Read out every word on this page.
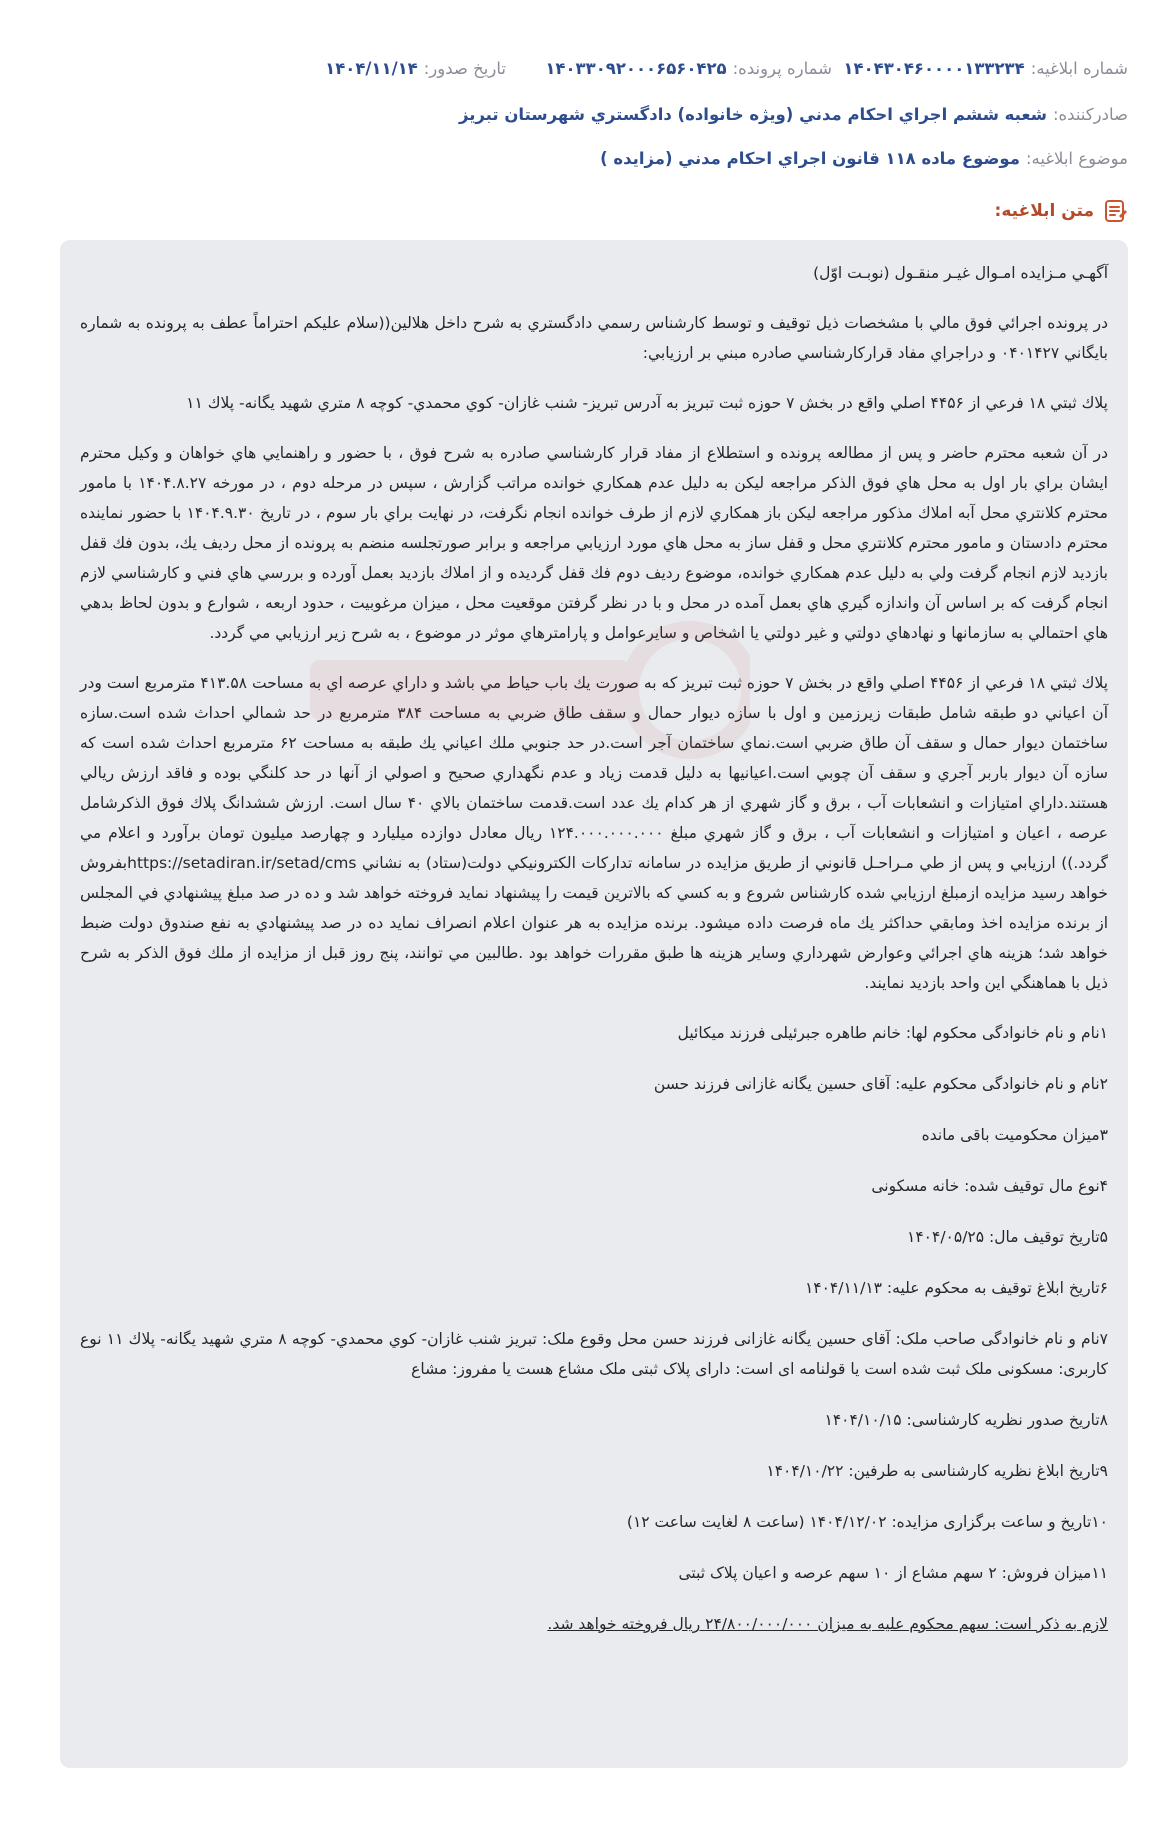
شماره ابلاغیه:
۱۴۰۴۳۰۴۶۰۰۰۰۱۳۳۲۳۴
شماره پرونده:
۱۴۰۳۳۰۹۲۰۰۰۶۵۶۰۴۲۵
تاریخ صدور:
۱۴۰۴/۱۱/۱۴
صادرکننده:
شعبه ششم اجراي احكام مدني (ويژه خانواده) دادگستري شهرستان تبريز
موضوع ابلاغیه:
موضوع ماده ۱۱۸ قانون اجراي احكام مدني (مزايده )
متن ابلاغیه:

آگهـي مـزايده امـوال غيـر منقـول (نوبـت اوّل)

در پرونده اجرائي فوق مالي با مشخصات ذيل توقيف و توسط كارشناس رسمي دادگستري به شرح داخل هلالين((سلام عليكم احتراماً عطف به پرونده به شماره بايگاني ۰۴۰۱۴۲۷ و دراجراي مفاد قرارکارشناسي صادره مبني بر ارزيابي:

پلاك ثبتي ۱۸ فرعي از ۴۴۵۶ اصلي واقع در بخش ۷ حوزه ثبت تبريز به آدرس تبريز- شنب غازان- كوي محمدي- كوچه ۸ متري شهيد يگانه- پلاك ۱۱

در آن شعبه محترم حاضر و پس از مطالعه پرونده و استطلاع از مفاد قرار كارشناسي صادره به شرح فوق ، با حضور و راهنمايي هاي خواهان و وكيل محترم ايشان براي بار اول به محل هاي فوق الذكر مراجعه ليكن به دليل عدم همكاري خوانده مراتب گزارش ، سپس در مرحله دوم ، در مورخه ۱۴۰۴.۸.۲۷ با مامور محترم كلانتري محل آبه املاك مذكور مراجعه ليكن باز همكاري لازم از طرف خوانده انجام نگرفت، در نهايت براي بار سوم ، در تاريخ ۱۴۰۴.۹.۳۰ با حضور نماينده محترم دادستان و مامور محترم كلانتري محل و قفل ساز به محل هاي مورد ارزيابي مراجعه و برابر صورتجلسه منضم به پرونده از محل رديف يك، بدون فك قفل بازديد لازم انجام گرفت ولي به دليل عدم همكاري خوانده، موضوع رديف دوم فك قفل گرديده و از املاك بازديد بعمل آورده و بررسي هاي فني و كارشناسي لازم انجام گرفت كه بر اساس آن واندازه گيري هاي بعمل آمده در محل و با در نظر گرفتن موقعيت محل ، ميزان مرغوبيت ، حدود اربعه ، شوارع و بدون لحاظ بدهي هاي احتمالي به سازمانها و نهادهاي دولتي و غير دولتي يا اشخاص و سايرعوامل و پارامترهاي موثر در موضوع ، به شرح زير ارزيابي مي گردد.

پلاك ثبتي ۱۸ فرعي از ۴۴۵۶ اصلي واقع در بخش ۷ حوزه ثبت تبريز كه به صورت يك باب حياط مي باشد و داراي عرصه اي به مساحت ۴۱۳.۵۸ مترمربع است ودر آن اعياني دو طبقه شامل طبقات زيرزمين و اول با سازه ديوار حمال و سقف طاق ضربي به مساحت ۳۸۴ مترمربع در حد شمالي احداث شده است.سازه ساختمان ديوار حمال و سقف آن طاق ضربي است.نماي ساختمان آجر است.در حد جنوبي ملك اعياني يك طبقه به مساحت ۶۲ مترمربع احداث شده است كه سازه آن ديوار باربر آجري و سقف آن چوبي است.اعيانيها به دليل قدمت زياد و عدم نگهداري صحيح و اصولي از آنها در حد كلنگي بوده و فاقد ارزش ريالي هستند.داراي امتيازات و انشعابات آب ، برق و گاز شهري از هر كدام يك عدد است.قدمت ساختمان بالاي ۴۰ سال است. ارزش ششدانگ پلاك فوق الذكرشامل عرصه ، اعيان و امتيازات و انشعابات آب ، برق و گاز شهري مبلغ ۱۲۴.۰۰۰.۰۰۰.۰۰۰ ريال معادل دوازده ميليارد و چهارصد ميليون تومان برآورد و اعلام مي گردد.)) ارزيابي و پس از طي مـراحـل قانوني از طريق مزايده در سامانه تداركات الكترونيكي دولت(ستاد) به نشاني https://setadiran.ir/setad/cmsبفروش خواهد رسيد مزايده ازمبلغ ارزيابي شده كارشناس شروع و به كسي كه بالاترين قيمت را پيشنهاد نمايد فروخته خواهد شد و ده در صد مبلغ پيشنهادي في المجلس از برنده مزايده اخذ ومابقي حداكثر يك ماه فرصت داده ميشود. برنده مزايده به هر عنوان اعلام انصراف نمايد ده در صد پيشنهادي به نفع صندوق دولت ضبط خواهد شد؛ هزينه هاي اجرائي وعوارض شهرداري وساير هزينه ها طبق مقررات خواهد بود .طالبين مي توانند، پنج روز قبل از مزايده از ملك فوق الذكر به شرح ذيل با هماهنگي اين واحد بازديد نمايند.

۱نام و نام خانوادگی محکوم لها: خانم طاهره جبرئیلی فرزند میکائیل

۲نام و نام خانوادگی محکوم علیه: آقای حسین یگانه غازانی فرزند حسن

۳میزان محکومیت باقی مانده

۴نوع مال توقیف شده: خانه مسکونی

۵تاریخ توقیف مال: ۱۴۰۴/۰۵/۲۵

۶تاریخ ابلاغ توقیف به محکوم علیه: ۱۴۰۴/۱۱/۱۳

۷نام و نام خانوادگی صاحب ملک: آقای حسین یگانه غازانی فرزند حسن محل وقوع ملک: تبريز شنب غازان- كوي محمدي- كوچه ۸ متري شهيد يگانه- پلاك ۱۱ نوع کاربری: مسکونی ملک ثبت شده است یا قولنامه ای است: دارای پلاک ثبتی ملک مشاع هست یا مفروز: مشاع

۸تاریخ صدور نظریه کارشناسی: ۱۴۰۴/۱۰/۱۵

۹تاریخ ابلاغ نظریه کارشناسی به طرفین: ۱۴۰۴/۱۰/۲۲

۱۰تاریخ و ساعت برگزاری مزایده: ۱۴۰۴/۱۲/۰۲ (ساعت ۸ لغایت ساعت ۱۲)

۱۱میزان فروش: ۲ سهم مشاع از ۱۰ سهم عرصه و اعیان پلاک ثبتی

لازم به ذکر است: سهم محکوم علیه به میزان ۲۴/۸۰۰/۰۰۰/۰۰۰ ریال فروخته خواهد شد.
